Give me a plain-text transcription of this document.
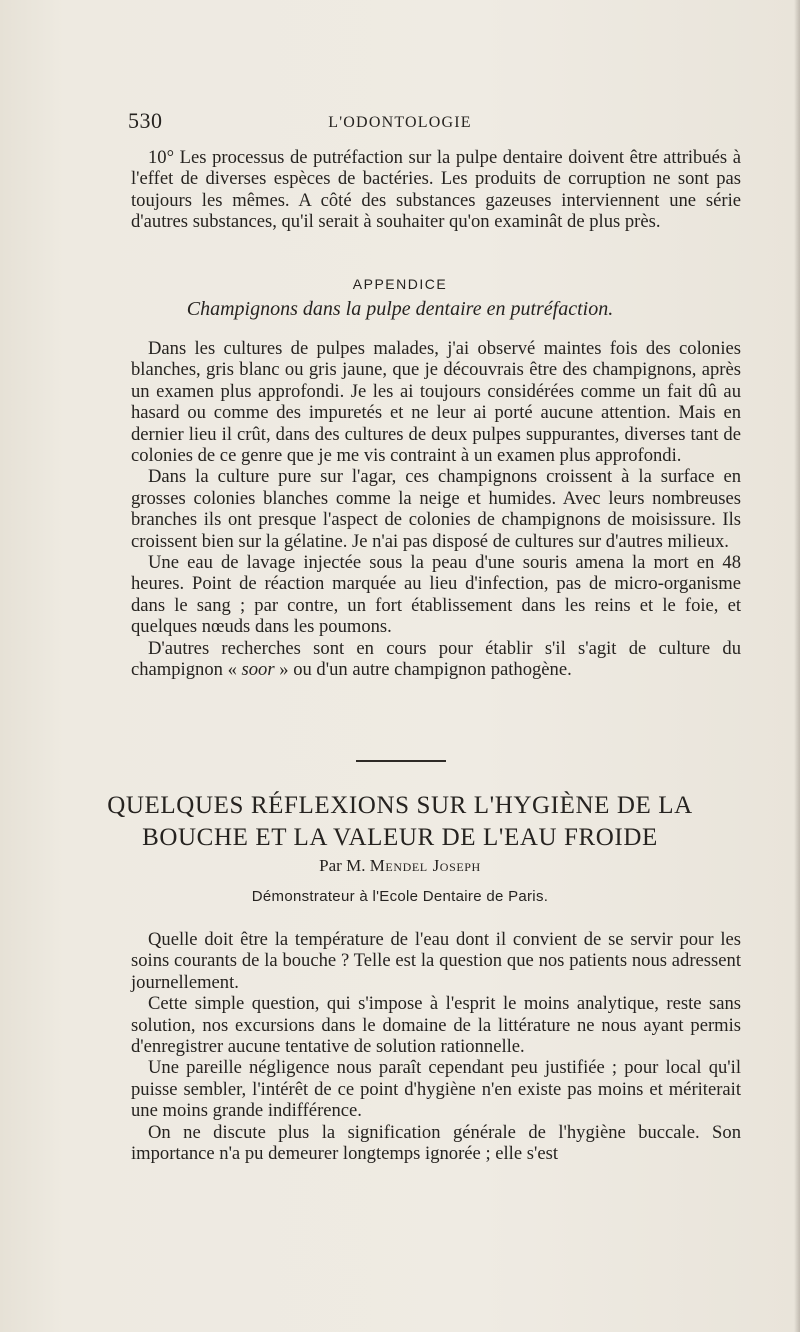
530	L'ODONTOLOGIE

10° Les processus de putréfaction sur la pulpe dentaire doivent être attribués à l'effet de diverses espèces de bactéries. Les produits de corruption ne sont pas toujours les mêmes. A côté des substances gazeuses interviennent une série d'autres substances, qu'il serait à souhaiter qu'on examinât de plus près.

APPENDICE
Champignons dans la pulpe dentaire en putréfaction.

Dans les cultures de pulpes malades, j'ai observé maintes fois des colonies blanches, gris blanc ou gris jaune, que je découvrais être des champignons, après un examen plus approfondi. Je les ai toujours considérées comme un fait dû au hasard ou comme des impuretés et ne leur ai porté aucune attention. Mais en dernier lieu il crût, dans des cultures de deux pulpes suppurantes, diverses tant de colonies de ce genre que je me vis contraint à un examen plus approfondi.

Dans la culture pure sur l'agar, ces champignons croissent à la surface en grosses colonies blanches comme la neige et humides. Avec leurs nombreuses branches ils ont presque l'aspect de colonies de champignons de moisissure. Ils croissent bien sur la gélatine. Je n'ai pas disposé de cultures sur d'autres milieux.

Une eau de lavage injectée sous la peau d'une souris amena la mort en 48 heures. Point de réaction marquée au lieu d'infection, pas de micro-organisme dans le sang ; par contre, un fort établissement dans les reins et le foie, et quelques nœuds dans les poumons.

D'autres recherches sont en cours pour établir s'il s'agit de culture du champignon « soor » ou d'un autre champignon pathogène.

QUELQUES RÉFLEXIONS SUR L'HYGIÈNE DE LA
BOUCHE ET LA VALEUR DE L'EAU FROIDE
Par M. Mendel Joseph
Démonstrateur à l'Ecole Dentaire de Paris.

Quelle doit être la température de l'eau dont il convient de se servir pour les soins courants de la bouche ? Telle est la question que nos patients nous adressent journellement.

Cette simple question, qui s'impose à l'esprit le moins analytique, reste sans solution, nos excursions dans le domaine de la littérature ne nous ayant permis d'enregistrer aucune tentative de solution rationnelle.

Une pareille négligence nous paraît cependant peu justifiée ; pour local qu'il puisse sembler, l'intérêt de ce point d'hygiène n'en existe pas moins et mériterait une moins grande indifférence.

On ne discute plus la signification générale de l'hygiène buccale. Son importance n'a pu demeurer longtemps ignorée ; elle s'est
